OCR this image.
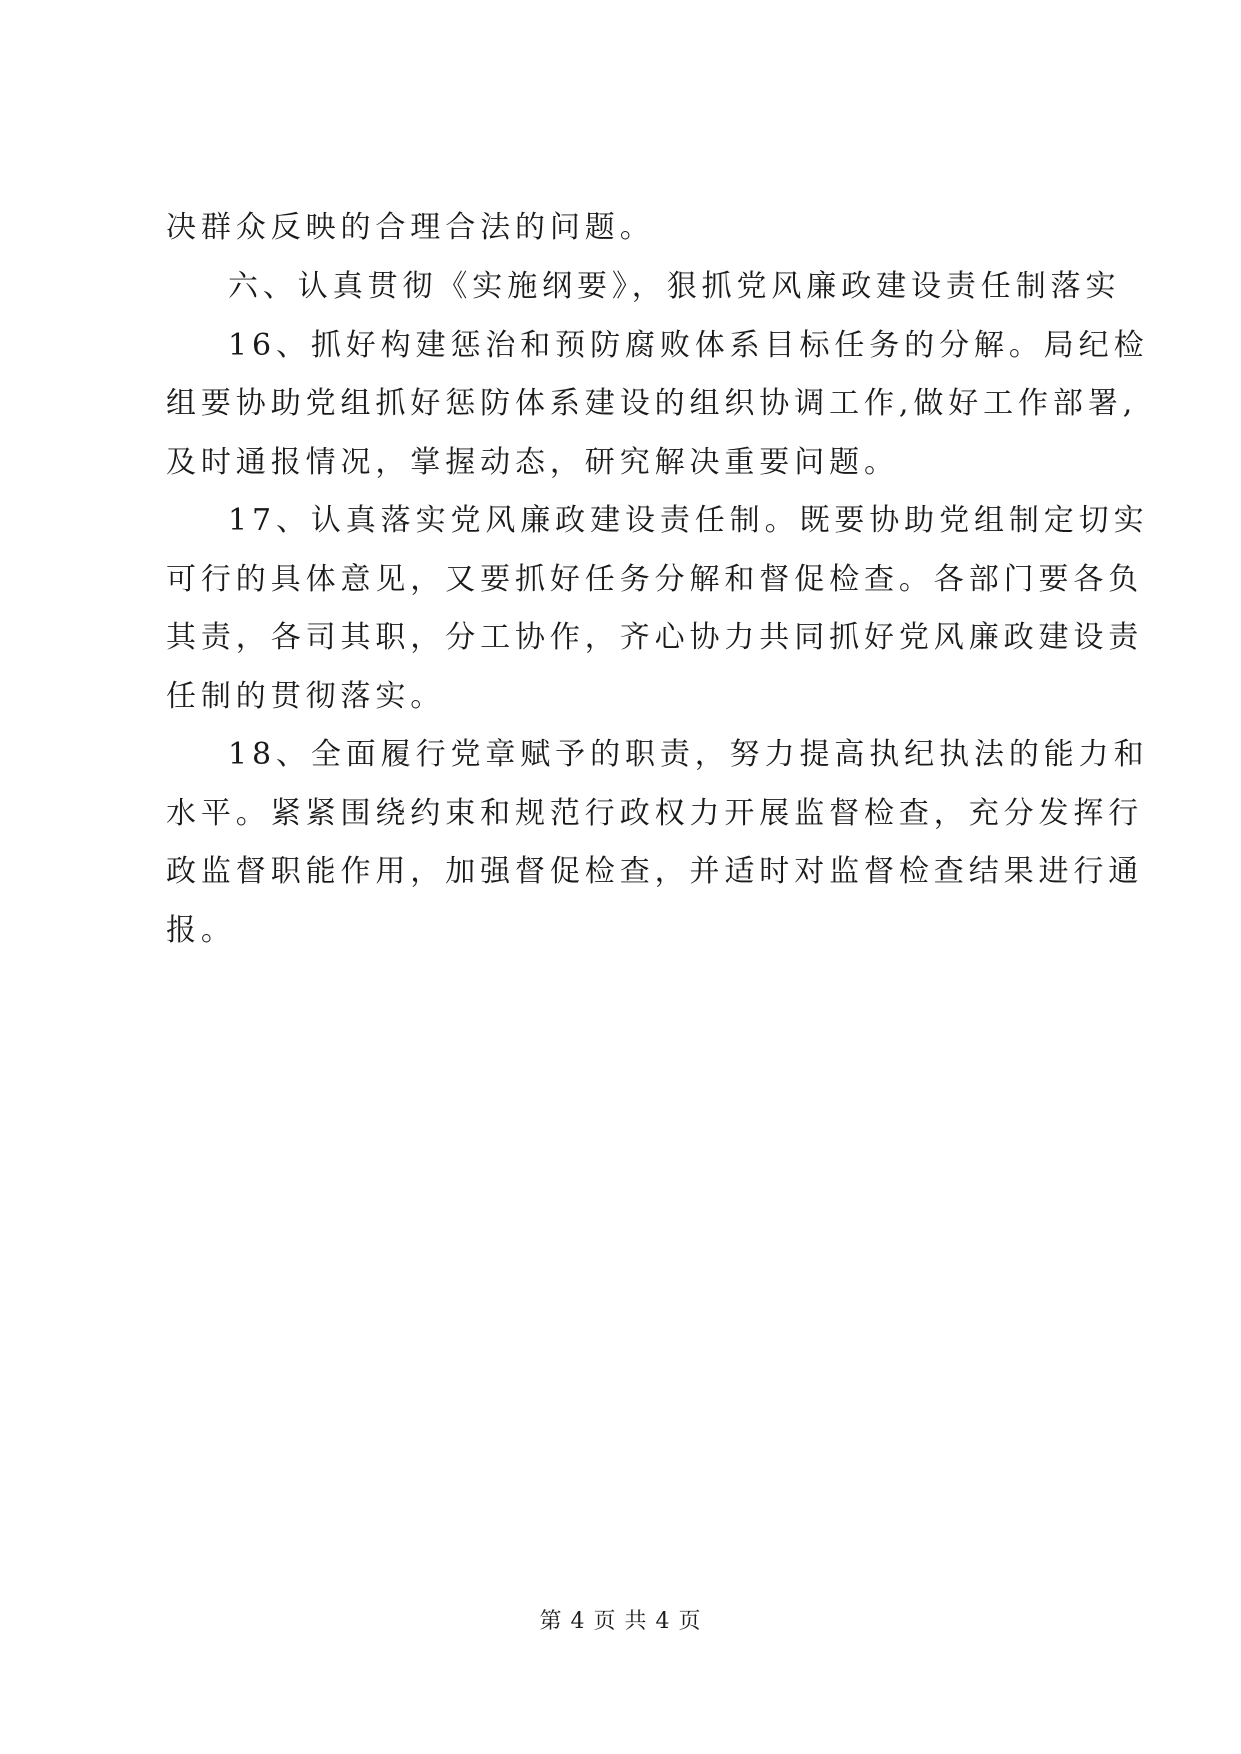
决群众反映的合理合法的问题。
六、认真贯彻《实施纲要》，狠抓党风廉政建设责任制落实
16、抓好构建惩治和预防腐败体系目标任务的分解。局纪检
组要协助党组抓好惩防体系建设的组织协调工作,做好工作部署,
及时通报情况，掌握动态，研究解决重要问题。
17、认真落实党风廉政建设责任制。既要协助党组制定切实
可行的具体意见，又要抓好任务分解和督促检查。各部门要各负
其责，各司其职，分工协作，齐心协力共同抓好党风廉政建设责
任制的贯彻落实。
18、全面履行党章赋予的职责，努力提高执纪执法的能力和
水平。紧紧围绕约束和规范行政权力开展监督检查，充分发挥行
政监督职能作用，加强督促检查，并适时对监督检查结果进行通
报。
第 4 页 共 4 页
